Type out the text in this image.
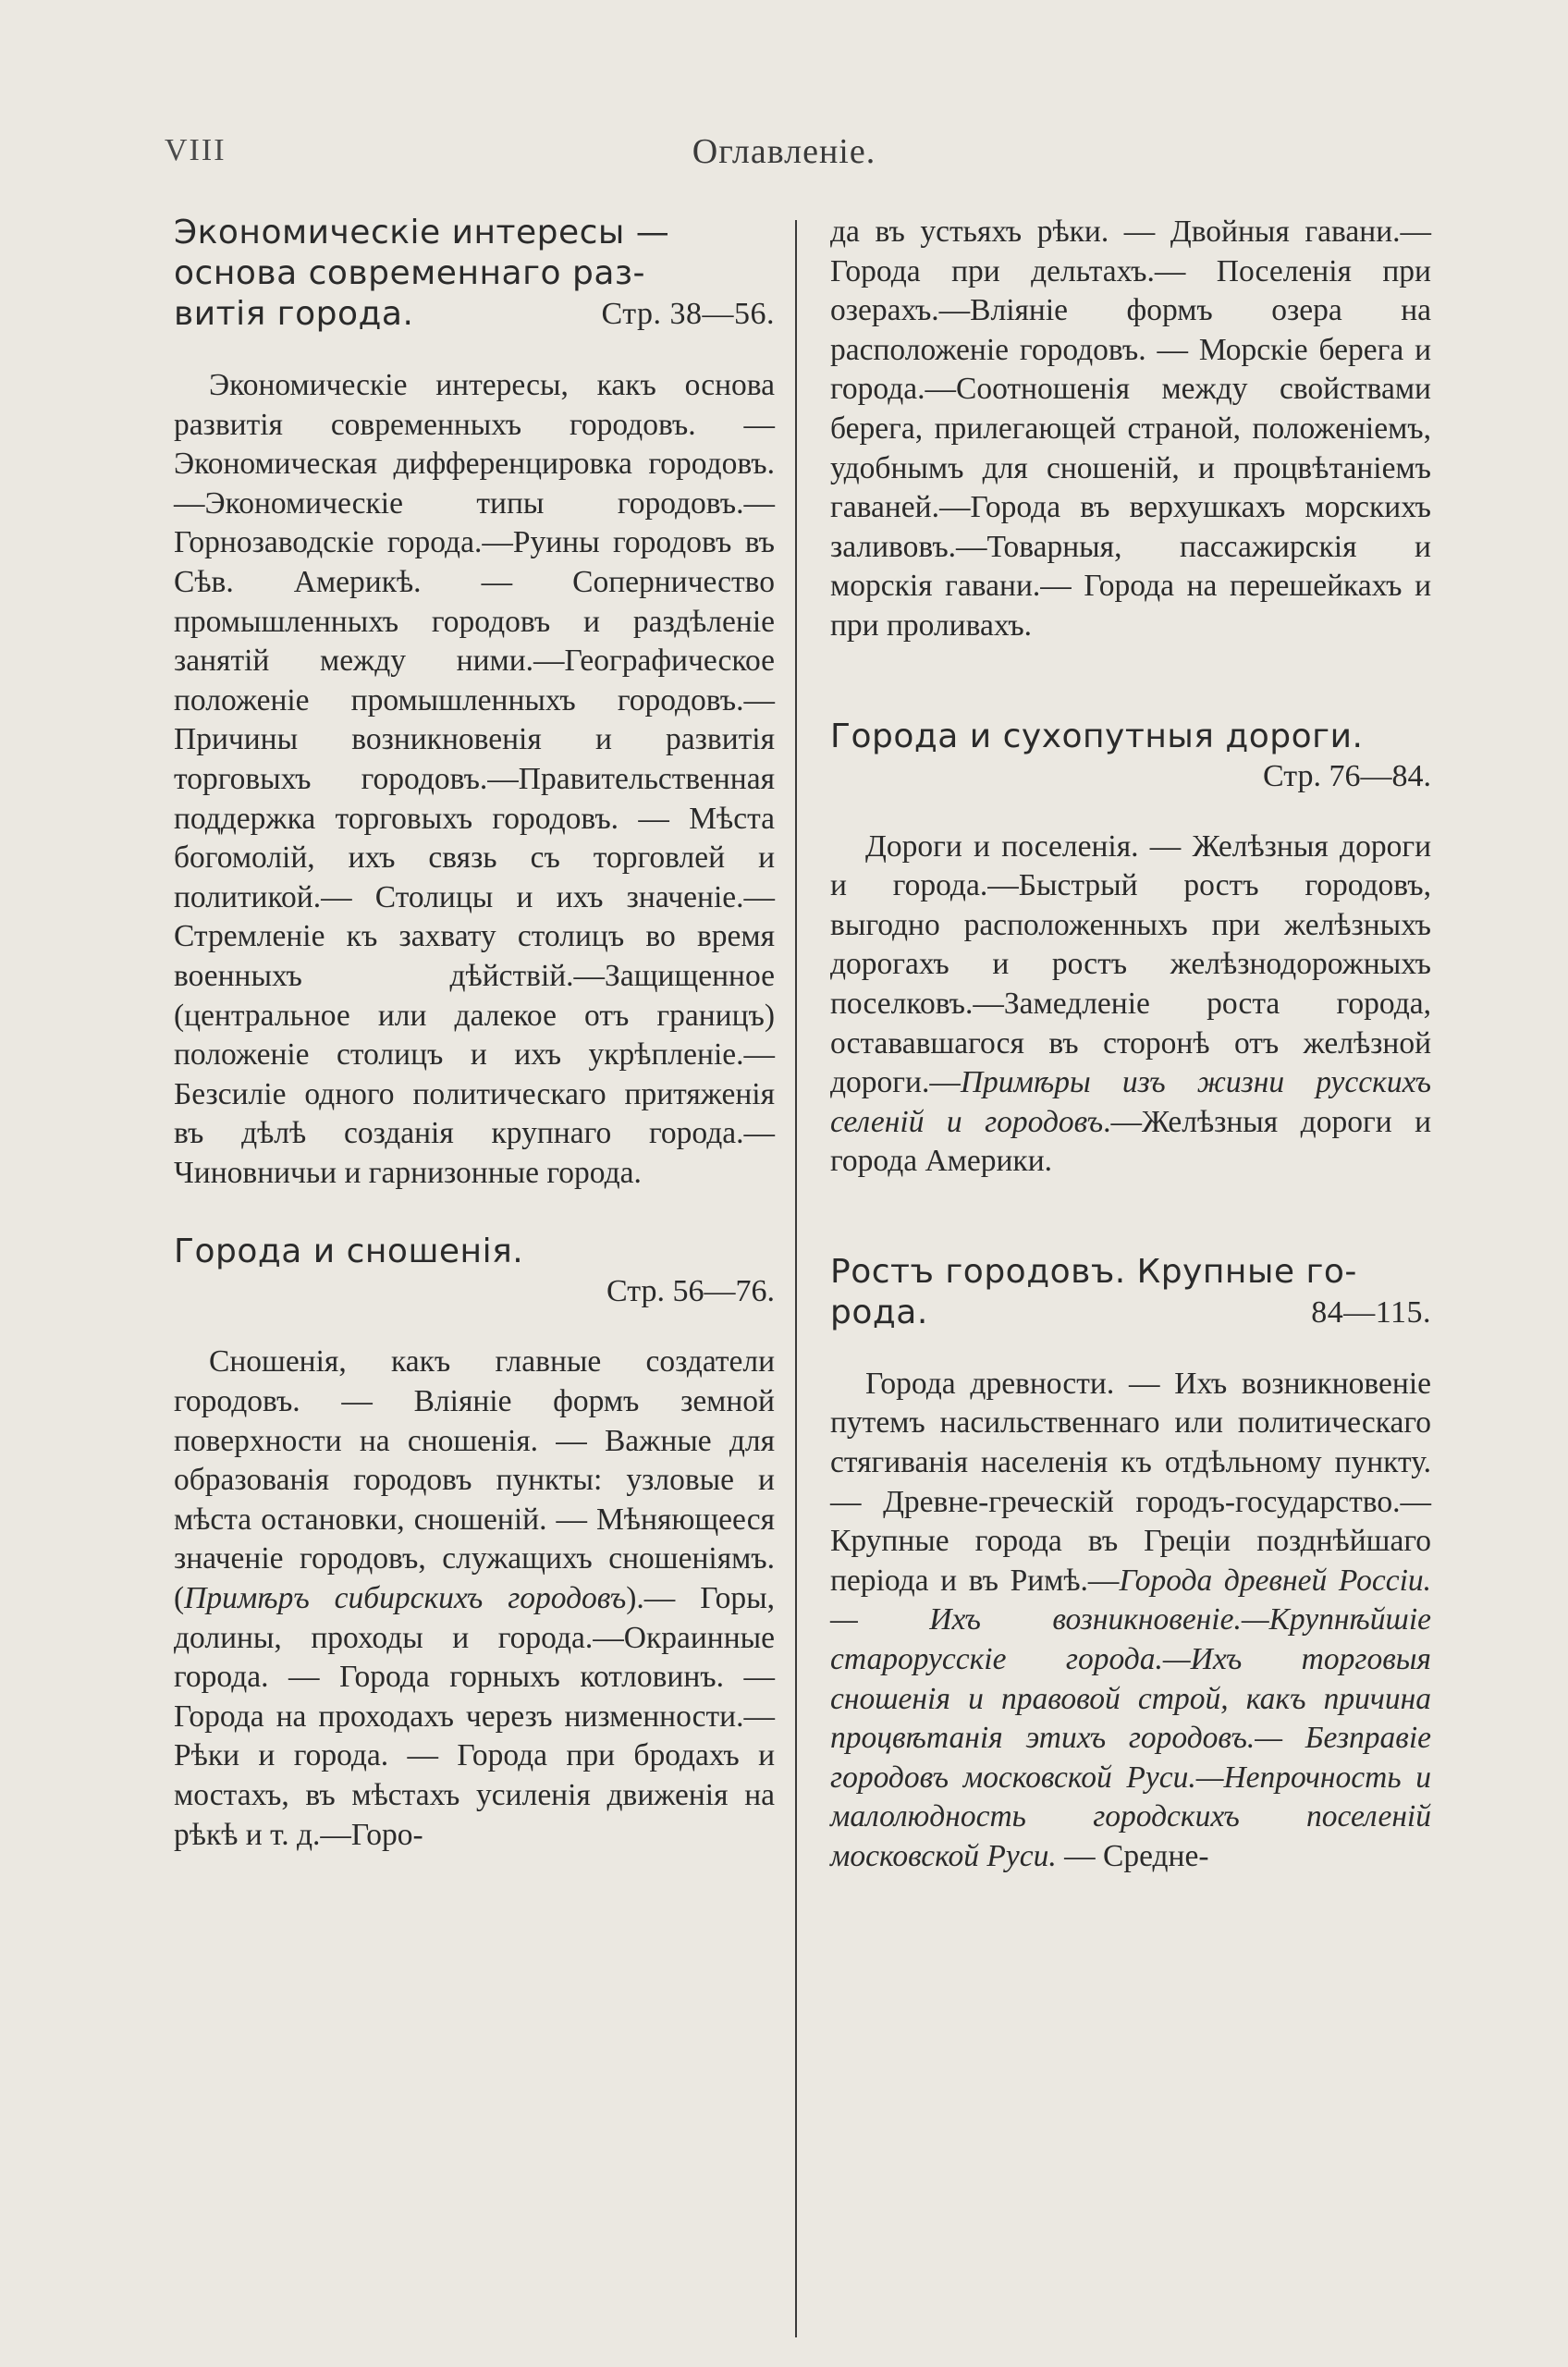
VIII	Оглавленіе.
Экономическіе интересы —
основа современнаго раз-
витія города.	Стр. 38—56.

Экономическіе интересы, какъ основа развитія современныхъ городовъ. — Экономическая дифференцировка городовъ.—Экономическіе типы городовъ.— Горнозаводскіе города.—Руины городовъ въ Сѣв. Америкѣ. — Соперничество промышленныхъ городовъ и раздѣленіе занятій между ними.—Географическое положеніе промышленныхъ городовъ.—Причины возникновенія и развитія торговыхъ городовъ.—Правительственная поддержка торговыхъ городовъ. — Мѣста богомолій, ихъ связь съ торговлей и политикой.— Столицы и ихъ значеніе.—Стремленіе къ захвату столицъ во время военныхъ дѣйствій.—Защищенное (центральное или далекое отъ границъ) положеніе столицъ и ихъ укрѣпленіе.—Безсиліе одного политическаго притяженія въ дѣлѣ созданія крупнаго города.— Чиновничьи и гарнизонные города.

Города и сношенія.
Стр. 56—76.

Сношенія, какъ главные создатели городовъ. — Вліяніе формъ земной поверхности на сношенія. — Важные для образованія городовъ пункты: узловые и мѣста остановки, сношеній. — Мѣняющееся значеніе городовъ, служащихъ сношеніямъ. (Примѣръ сибирскихъ городовъ).— Горы, долины, проходы и города.—Окраинные города. — Города горныхъ котловинъ. — Города на проходахъ черезъ низменности.—Рѣки и города. — Города при бродахъ и мостахъ, въ мѣстахъ усиленія движенія на рѣкѣ и т. д.—Горо-

да въ устьяхъ рѣки. — Двойныя гавани.—Города при дельтахъ.— Поселенія при озерахъ.—Вліяніе формъ озера на расположеніе городовъ. — Морскіе берега и города.—Соотношенія между свойствами берега, прилегающей страной, положеніемъ, удобнымъ для сношеній, и процвѣтаніемъ гаваней.—Города въ верхушкахъ морскихъ заливовъ.—Товарныя, пассажирскія и морскія гавани.— Города на перешейкахъ и при проливахъ.

Города и сухопутныя дороги.
Стр. 76—84.

Дороги и поселенія. — Желѣзныя дороги и города.—Быстрый ростъ городовъ, выгодно расположенныхъ при желѣзныхъ дорогахъ и ростъ желѣзнодорожныхъ поселковъ.—Замедленіе роста города, остававшагося въ сторонѣ отъ желѣзной дороги.—Примѣры изъ жизни русскихъ селеній и городовъ.—Желѣзныя дороги и города Америки.

Ростъ городовъ. Крупные го-
рода.	84—115.

Города древности. — Ихъ возникновеніе путемъ насильственнаго или политическаго стягиванія населенія къ отдѣльному пункту.— Древне-греческій городъ-государство.— Крупные города въ Греціи позднѣйшаго періода и въ Римѣ.—Города древней Россіи.— Ихъ возникновеніе.—Крупнѣйшіе старорусскіе города.—Ихъ торговыя сношенія и правовой строй, какъ причина процвѣтанія этихъ городовъ.— Безправіе городовъ московской Руси.—Непрочность и малолюдность городскихъ поселеній московской Руси. — Средне-
